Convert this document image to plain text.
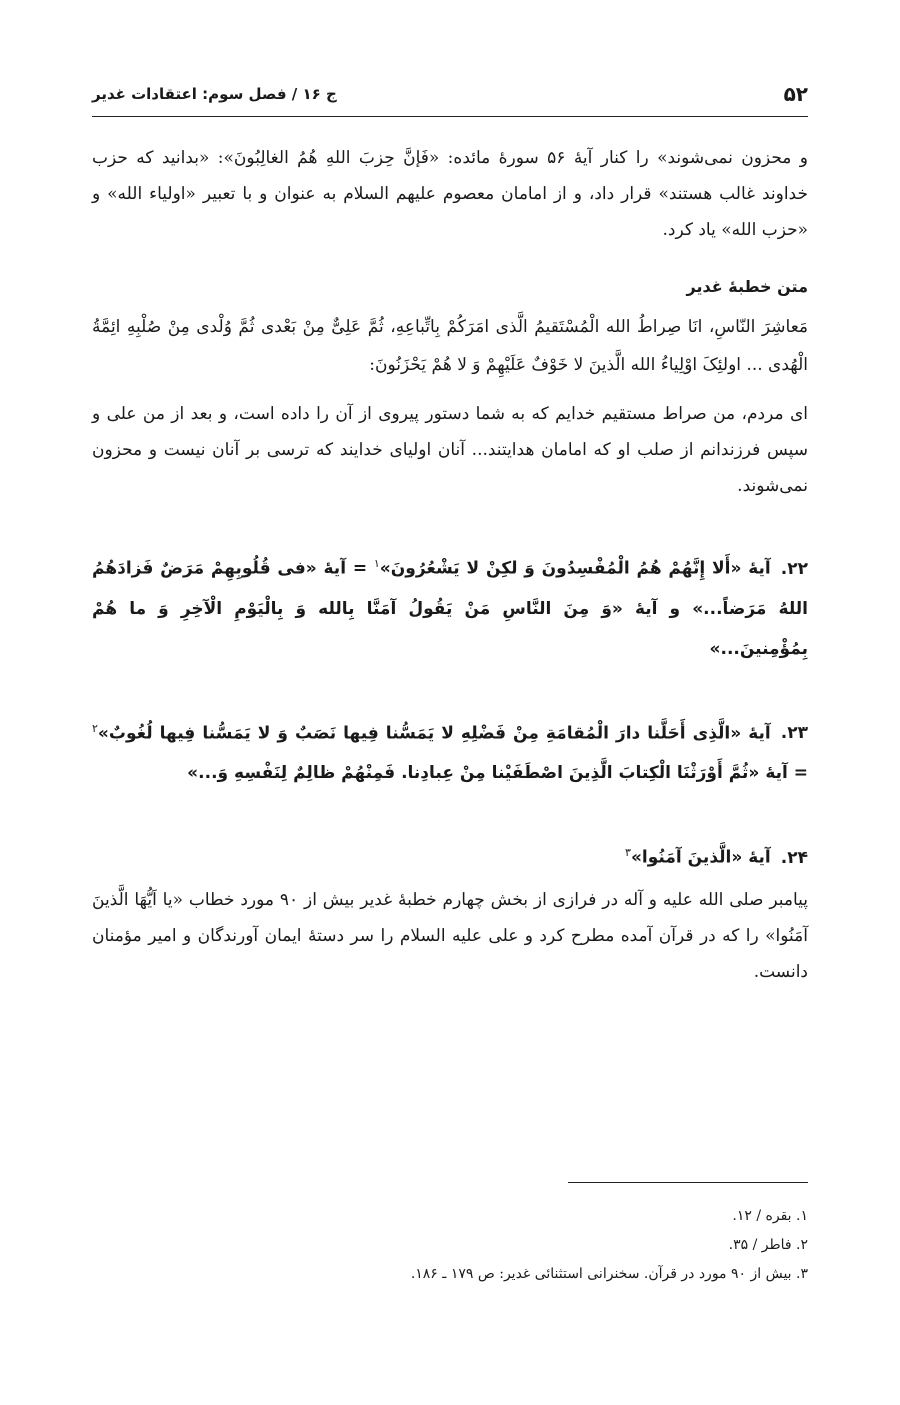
۵۲
ج ۱۶ / فصل سوم: اعتقادات غدیر

و محزون نمی‌شوند» را کنار آیهٔ ۵۶ سورهٔ مائده: «فَإنَّ حِزبَ اللهِ هُمُ الغالِبُونَ»: «بدانید که حزب خداوند غالب هستند» قرار داد، و از امامان معصوم علیهم السلام به عنوان و با تعبیر «اولیاء الله» و «حزب الله» یاد کرد.

متن خطبهٔ غدیر

مَعاشِرَ النّاسِ، انَا صِراطُ الله الْمُسْتَقیمُ الَّذی امَرَکُمْ بِاتِّباعِهِ، ثُمَّ عَلِیٌّ مِنْ بَعْدی ثُمَّ وُلْدی مِنْ صُلْبِهِ ائِمَّةُ الْهُدی ... اولئِکَ اوْلِیاءُ الله الَّذینَ لا خَوْفٌ عَلَیْهِمْ وَ لا هُمْ یَحْزَنُونَ:

ای مردم، من صراط مستقیم خدایم که به شما دستور پیروی از آن را داده است، و بعد از من علی و سپس فرزندانم از صلب او که امامان هدایتند... آنان اولیای خدایند که ترسی بر آنان نیست و محزون نمی‌شوند.

۲۲.آیهٔ «أَلا إِنَّهُمْ هُمُ الْمُفْسِدُونَ وَ لکِنْ لا یَشْعُرُونَ»$^۱$ = آیهٔ «فی قُلُوبِهِمْ مَرَضٌ فَزادَهُمُ اللهُ مَرَضاً...» و آیهٔ «وَ مِنَ النَّاسِ مَنْ یَقُولُ آمَنَّا بِالله وَ بِالْیَوْمِ الْآخِرِ وَ ما هُمْ بِمُؤْمِنینَ...»
۲۳.آیهٔ «الَّذِی أَحَلَّنا دارَ الْمُقامَةِ مِنْ فَضْلِهِ لا یَمَسُّنا فِیها نَصَبٌ وَ لا یَمَسُّنا فِیها لُغُوبٌ»$^۲$ = آیهٔ «ثُمَّ أَوْرَثْنَا الْکِتابَ الَّذِینَ اصْطَفَیْنا مِنْ عِبادِنا. فَمِنْهُمْ ظالِمٌ لِنَفْسِهِ وَ...»
۲۴.آیهٔ «الَّذینَ آمَنُوا»$^۳$

پیامبر صلی الله علیه و آله در فرازی از بخش چهارم خطبهٔ غدیر بیش از ۹۰ مورد خطاب «یا اَیُّهَا الَّذینَ آمَنُوا» را که در قرآن آمده مطرح کرد و علی علیه السلام را سر دستهٔ ایمان آورندگان و امیر مؤمنان دانست.

۱. بقره / ۱۲.
۲. فاطر / ۳۵.
۳. بیش از ۹۰ مورد در قرآن. سخنرانی استثنائی غدیر: ص ۱۷۹ ـ ۱۸۶.
